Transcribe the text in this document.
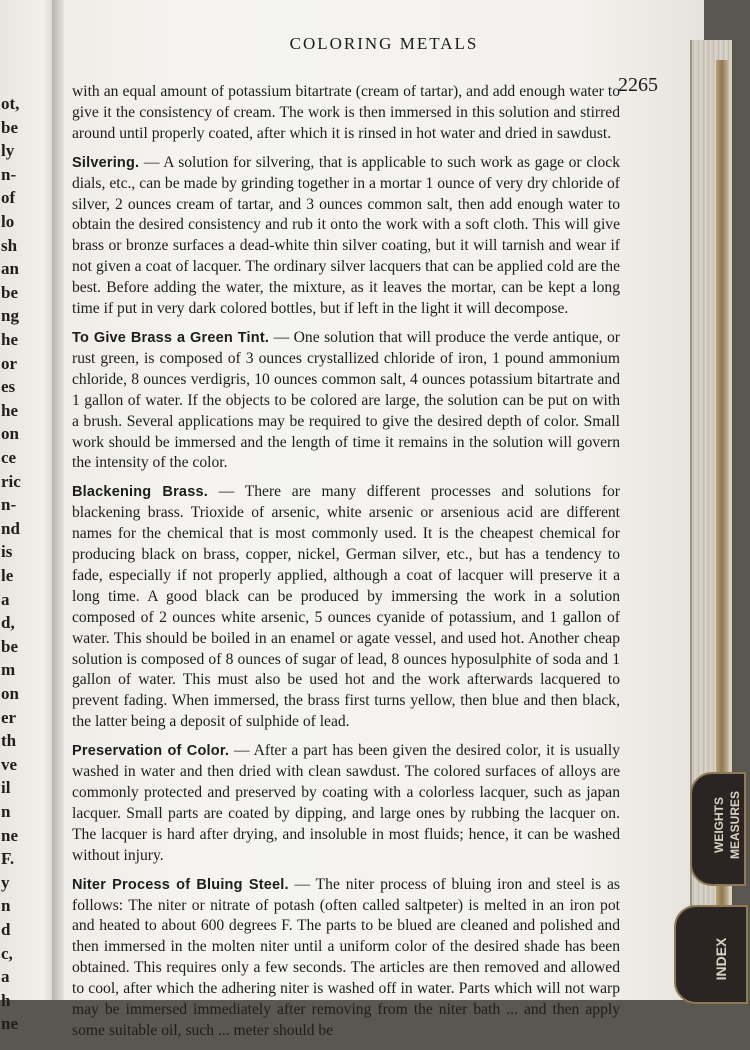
ot,
be
ly
n-
of
lo
sh
an
be
ng
he
or
es
he
on
ce
ric
n-
nd
is
le
a
d,
be
m
on
er
th
ve
il
n
ne
F.
y
n
d
c,
a
h
ne
COLORING METALS
2265

with an equal amount of potassium bitartrate (cream of tartar), and add enough water to give it the consistency of cream. The work is then immersed in this solution and stirred around until properly coated, after which it is rinsed in hot water and dried in sawdust.

Silvering. — A solution for silvering, that is applicable to such work as gage or clock dials, etc., can be made by grinding together in a mortar 1 ounce of very dry chloride of silver, 2 ounces cream of tartar, and 3 ounces common salt, then add enough water to obtain the desired consistency and rub it onto the work with a soft cloth. This will give brass or bronze surfaces a dead-white thin silver coating, but it will tarnish and wear if not given a coat of lacquer. The ordinary silver lacquers that can be applied cold are the best. Before adding the water, the mixture, as it leaves the mortar, can be kept a long time if put in very dark colored bottles, but if left in the light it will decompose.

To Give Brass a Green Tint. — One solution that will produce the verde antique, or rust green, is composed of 3 ounces crystallized chloride of iron, 1 pound ammonium chloride, 8 ounces verdigris, 10 ounces common salt, 4 ounces potassium bitartrate and 1 gallon of water. If the objects to be colored are large, the solution can be put on with a brush. Several applications may be required to give the desired depth of color. Small work should be immersed and the length of time it remains in the solution will govern the intensity of the color.

Blackening Brass. — There are many different processes and solutions for blackening brass. Trioxide of arsenic, white arsenic or arsenious acid are different names for the chemical that is most commonly used. It is the cheapest chemical for producing black on brass, copper, nickel, German silver, etc., but has a tendency to fade, especially if not properly applied, although a coat of lacquer will preserve it a long time. A good black can be produced by immersing the work in a solution composed of 2 ounces white arsenic, 5 ounces cyanide of potassium, and 1 gallon of water. This should be boiled in an enamel or agate vessel, and used hot. Another cheap solution is composed of 8 ounces of sugar of lead, 8 ounces hyposulphite of soda and 1 gallon of water. This must also be used hot and the work afterwards lacquered to prevent fading. When immersed, the brass first turns yellow, then blue and then black, the latter being a deposit of sulphide of lead.

Preservation of Color. — After a part has been given the desired color, it is usually washed in water and then dried with clean sawdust. The colored surfaces of alloys are commonly protected and preserved by coating with a colorless lacquer, such as japan lacquer. Small parts are coated by dipping, and large ones by rubbing the lacquer on. The lacquer is hard after drying, and insoluble in most fluids; hence, it can be washed without injury.

Niter Process of Bluing Steel. — The niter process of bluing iron and steel is as follows: The niter or nitrate of potash (often called saltpeter) is melted in an iron pot and heated to about 600 degrees F. The parts to be blued are cleaned and polished and then immersed in the molten niter until a uniform color of the desired shade has been obtained. This requires only a few seconds. The articles are then removed and allowed to cool, after which the adhering niter is washed off in water. Parts which will not warp may be immersed immediately after removing from the niter bath ... and then apply some suitable oil, such ... meter should be

WEIGHTS MEASURES
INDEX
